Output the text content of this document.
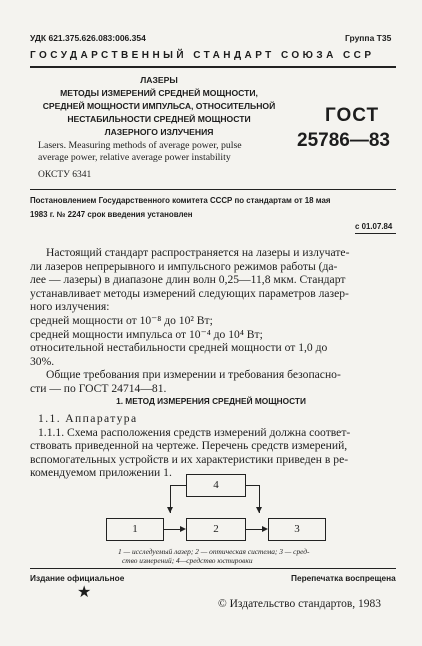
УДК 621.375.626.083:006.354	Группа Т35
ГОСУДАРСТВЕННЫЙ СТАНДАРТ СОЮЗА ССР
ЛАЗЕРЫ
МЕТОДЫ ИЗМЕРЕНИЙ СРЕДНЕЙ МОЩНОСТИ,
СРЕДНЕЙ МОЩНОСТИ ИМПУЛЬСА, ОТНОСИТЕЛЬНОЙ
НЕСТАБИЛЬНОСТИ СРЕДНЕЙ МОЩНОСТИ
ЛАЗЕРНОГО ИЗЛУЧЕНИЯ
Lasers. Measuring methods of average power, pulse
average power, relative average power instability
ОКСТУ 6341
ГОСТ
25786—83
Постановлением Государственного комитета СССР по стандартам от 18 мая
1983 г. № 2247 срок введения установлен
с 01.07.84
Настоящий стандарт распространяется на лазеры и излучате-
ли лазеров непрерывного и импульсного режимов работы (да-
лее — лазеры) в диапазоне длин волн 0,25—11,8 мкм. Стандарт
устанавливает методы измерений следующих параметров лазер-
ного излучения:
средней мощности от 10⁻⁸ до 10² Вт;
средней мощности импульса от 10⁻⁴ до 10⁴ Вт;
относительной нестабильности средней мощности от 1,0 до
30%.
Общие требования при измерении и требования безопасно-
сти — по ГОСТ 24714—81.
1. МЕТОД ИЗМЕРЕНИЯ СРЕДНЕЙ МОЩНОСТИ
1.1. Аппаратура
1.1.1. Схема расположения средств измерений должна соответ-
ствовать приведенной на чертеже. Перечень средств измерений,
вспомогательных устройств и их характеристики приведен в ре-
комендуемом приложении 1.
1	2	3
4
1 — исследуемый лазер; 2 — оптическая система; 3 — сред-
ство измерений; 4—средство юстировки
Издание официальное	Перепечатка воспрещена
★
© Издательство стандартов, 1983
